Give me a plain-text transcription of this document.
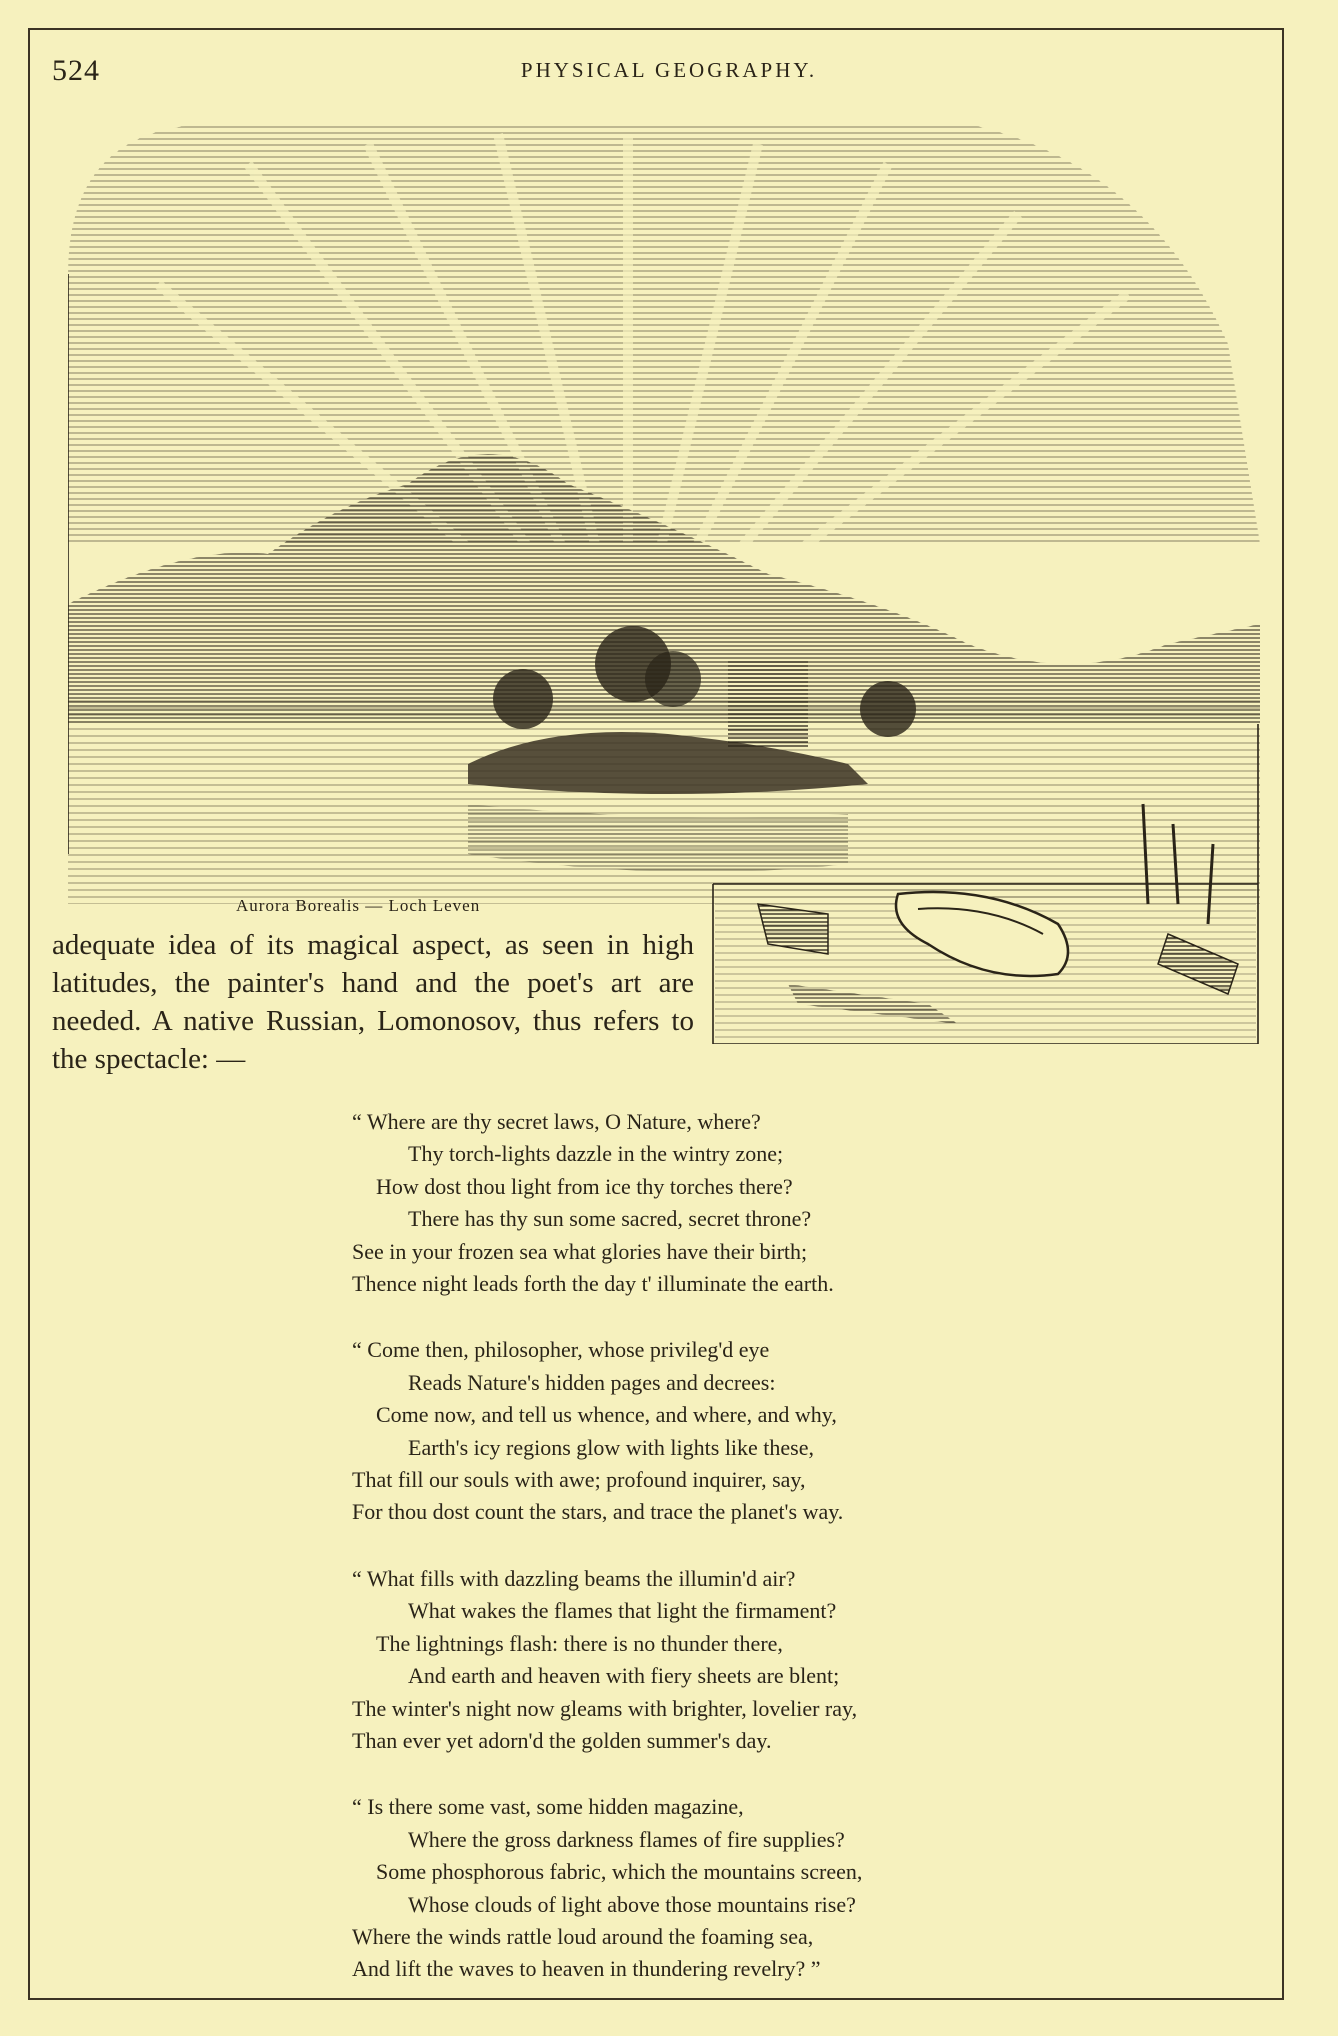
524	PHYSICAL GEOGRAPHY.
Aurora Borealis — Loch Leven
adequate idea of its magical aspect, as seen in high latitudes, the painter's hand and the poet's art are needed. A native Russian, Lomonosov, thus refers to the spectacle: —
“ Where are thy secret laws, O Nature, where?
Thy torch-lights dazzle in the wintry zone;
How dost thou light from ice thy torches there?
There has thy sun some sacred, secret throne?
See in your frozen sea what glories have their birth;
Thence night leads forth the day t' illuminate the earth.
“ Come then, philosopher, whose privileg'd eye
Reads Nature's hidden pages and decrees:
Come now, and tell us whence, and where, and why,
Earth's icy regions glow with lights like these,
That fill our souls with awe; profound inquirer, say,
For thou dost count the stars, and trace the planet's way.
“ What fills with dazzling beams the illumin'd air?
What wakes the flames that light the firmament?
The lightnings flash: there is no thunder there,
And earth and heaven with fiery sheets are blent;
The winter's night now gleams with brighter, lovelier ray,
Than ever yet adorn'd the golden summer's day.
“ Is there some vast, some hidden magazine,
Where the gross darkness flames of fire supplies?
Some phosphorous fabric, which the mountains screen,
Whose clouds of light above those mountains rise?
Where the winds rattle loud around the foaming sea,
And lift the waves to heaven in thundering revelry? ”
